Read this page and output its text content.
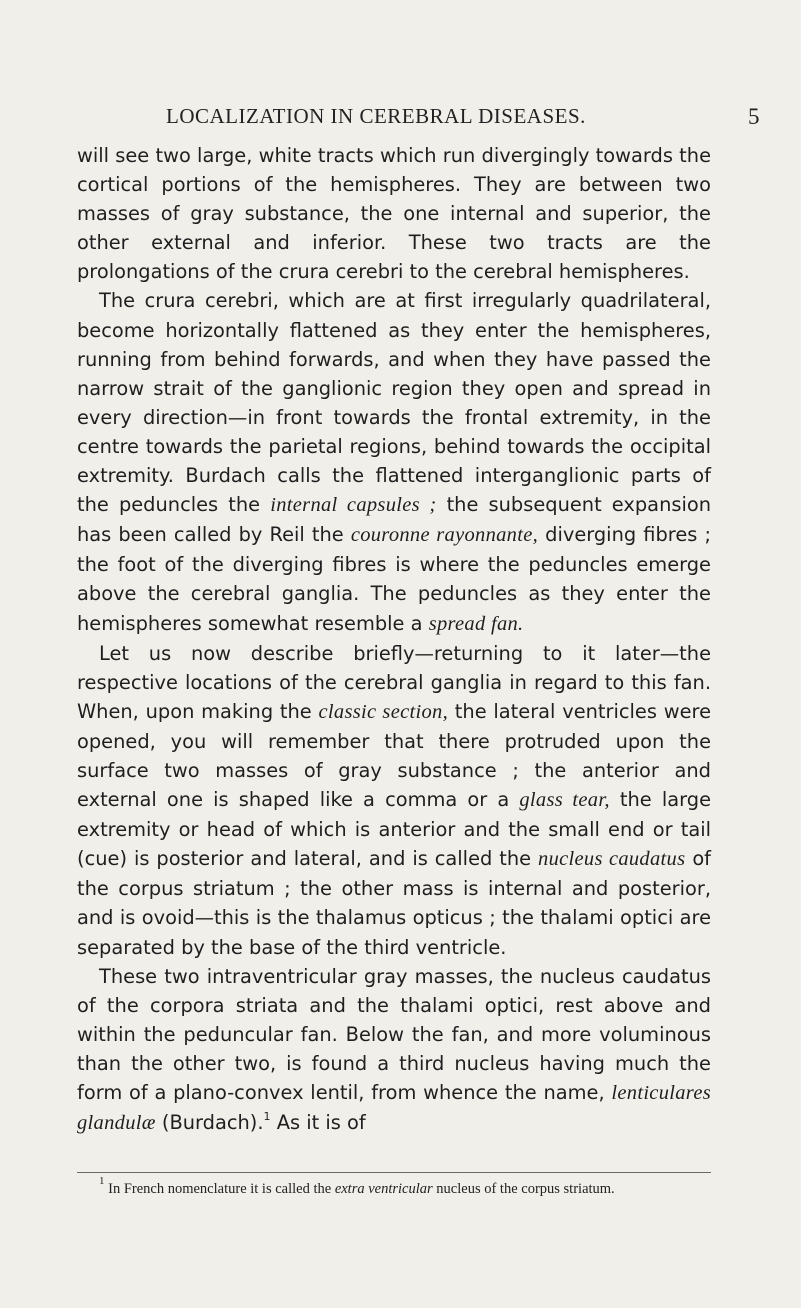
LOCALIZATION IN CEREBRAL DISEASES.	5

will see two large, white tracts which run divergingly towards the cortical portions of the hemispheres. They are between two masses of gray substance, the one internal and superior, the other external and inferior. These two tracts are the prolongations of the crura cerebri to the cerebral hemispheres.

The crura cerebri, which are at first irregularly quadrilateral, become horizontally flattened as they enter the hemispheres, running from behind forwards, and when they have passed the narrow strait of the ganglionic region they open and spread in every direction—in front towards the frontal extremity, in the centre towards the parietal regions, behind towards the occipital extremity. Burdach calls the flattened interganglionic parts of the peduncles the internal capsules ; the subsequent expansion has been called by Reil the couronne rayonnante, diverging fibres ; the foot of the diverging fibres is where the peduncles emerge above the cerebral ganglia. The peduncles as they enter the hemispheres somewhat resemble a spread fan.

Let us now describe briefly—returning to it later—the respective locations of the cerebral ganglia in regard to this fan. When, upon making the classic section, the lateral ventricles were opened, you will remember that there protruded upon the surface two masses of gray substance ; the anterior and external one is shaped like a comma or a glass tear, the large extremity or head of which is anterior and the small end or tail (cue) is posterior and lateral, and is called the nucleus caudatus of the corpus striatum ; the other mass is internal and posterior, and is ovoid—this is the thalamus opticus ; the thalami optici are separated by the base of the third ventricle.

These two intraventricular gray masses, the nucleus caudatus of the corpora striata and the thalami optici, rest above and within the peduncular fan. Below the fan, and more voluminous than the other two, is found a third nucleus having much the form of a plano-convex lentil, from whence the name, lenticulares glandulæ (Burdach).$^1$ As it is of

$^1$ In French nomenclature it is called the extra ventricular nucleus of the corpus striatum.
